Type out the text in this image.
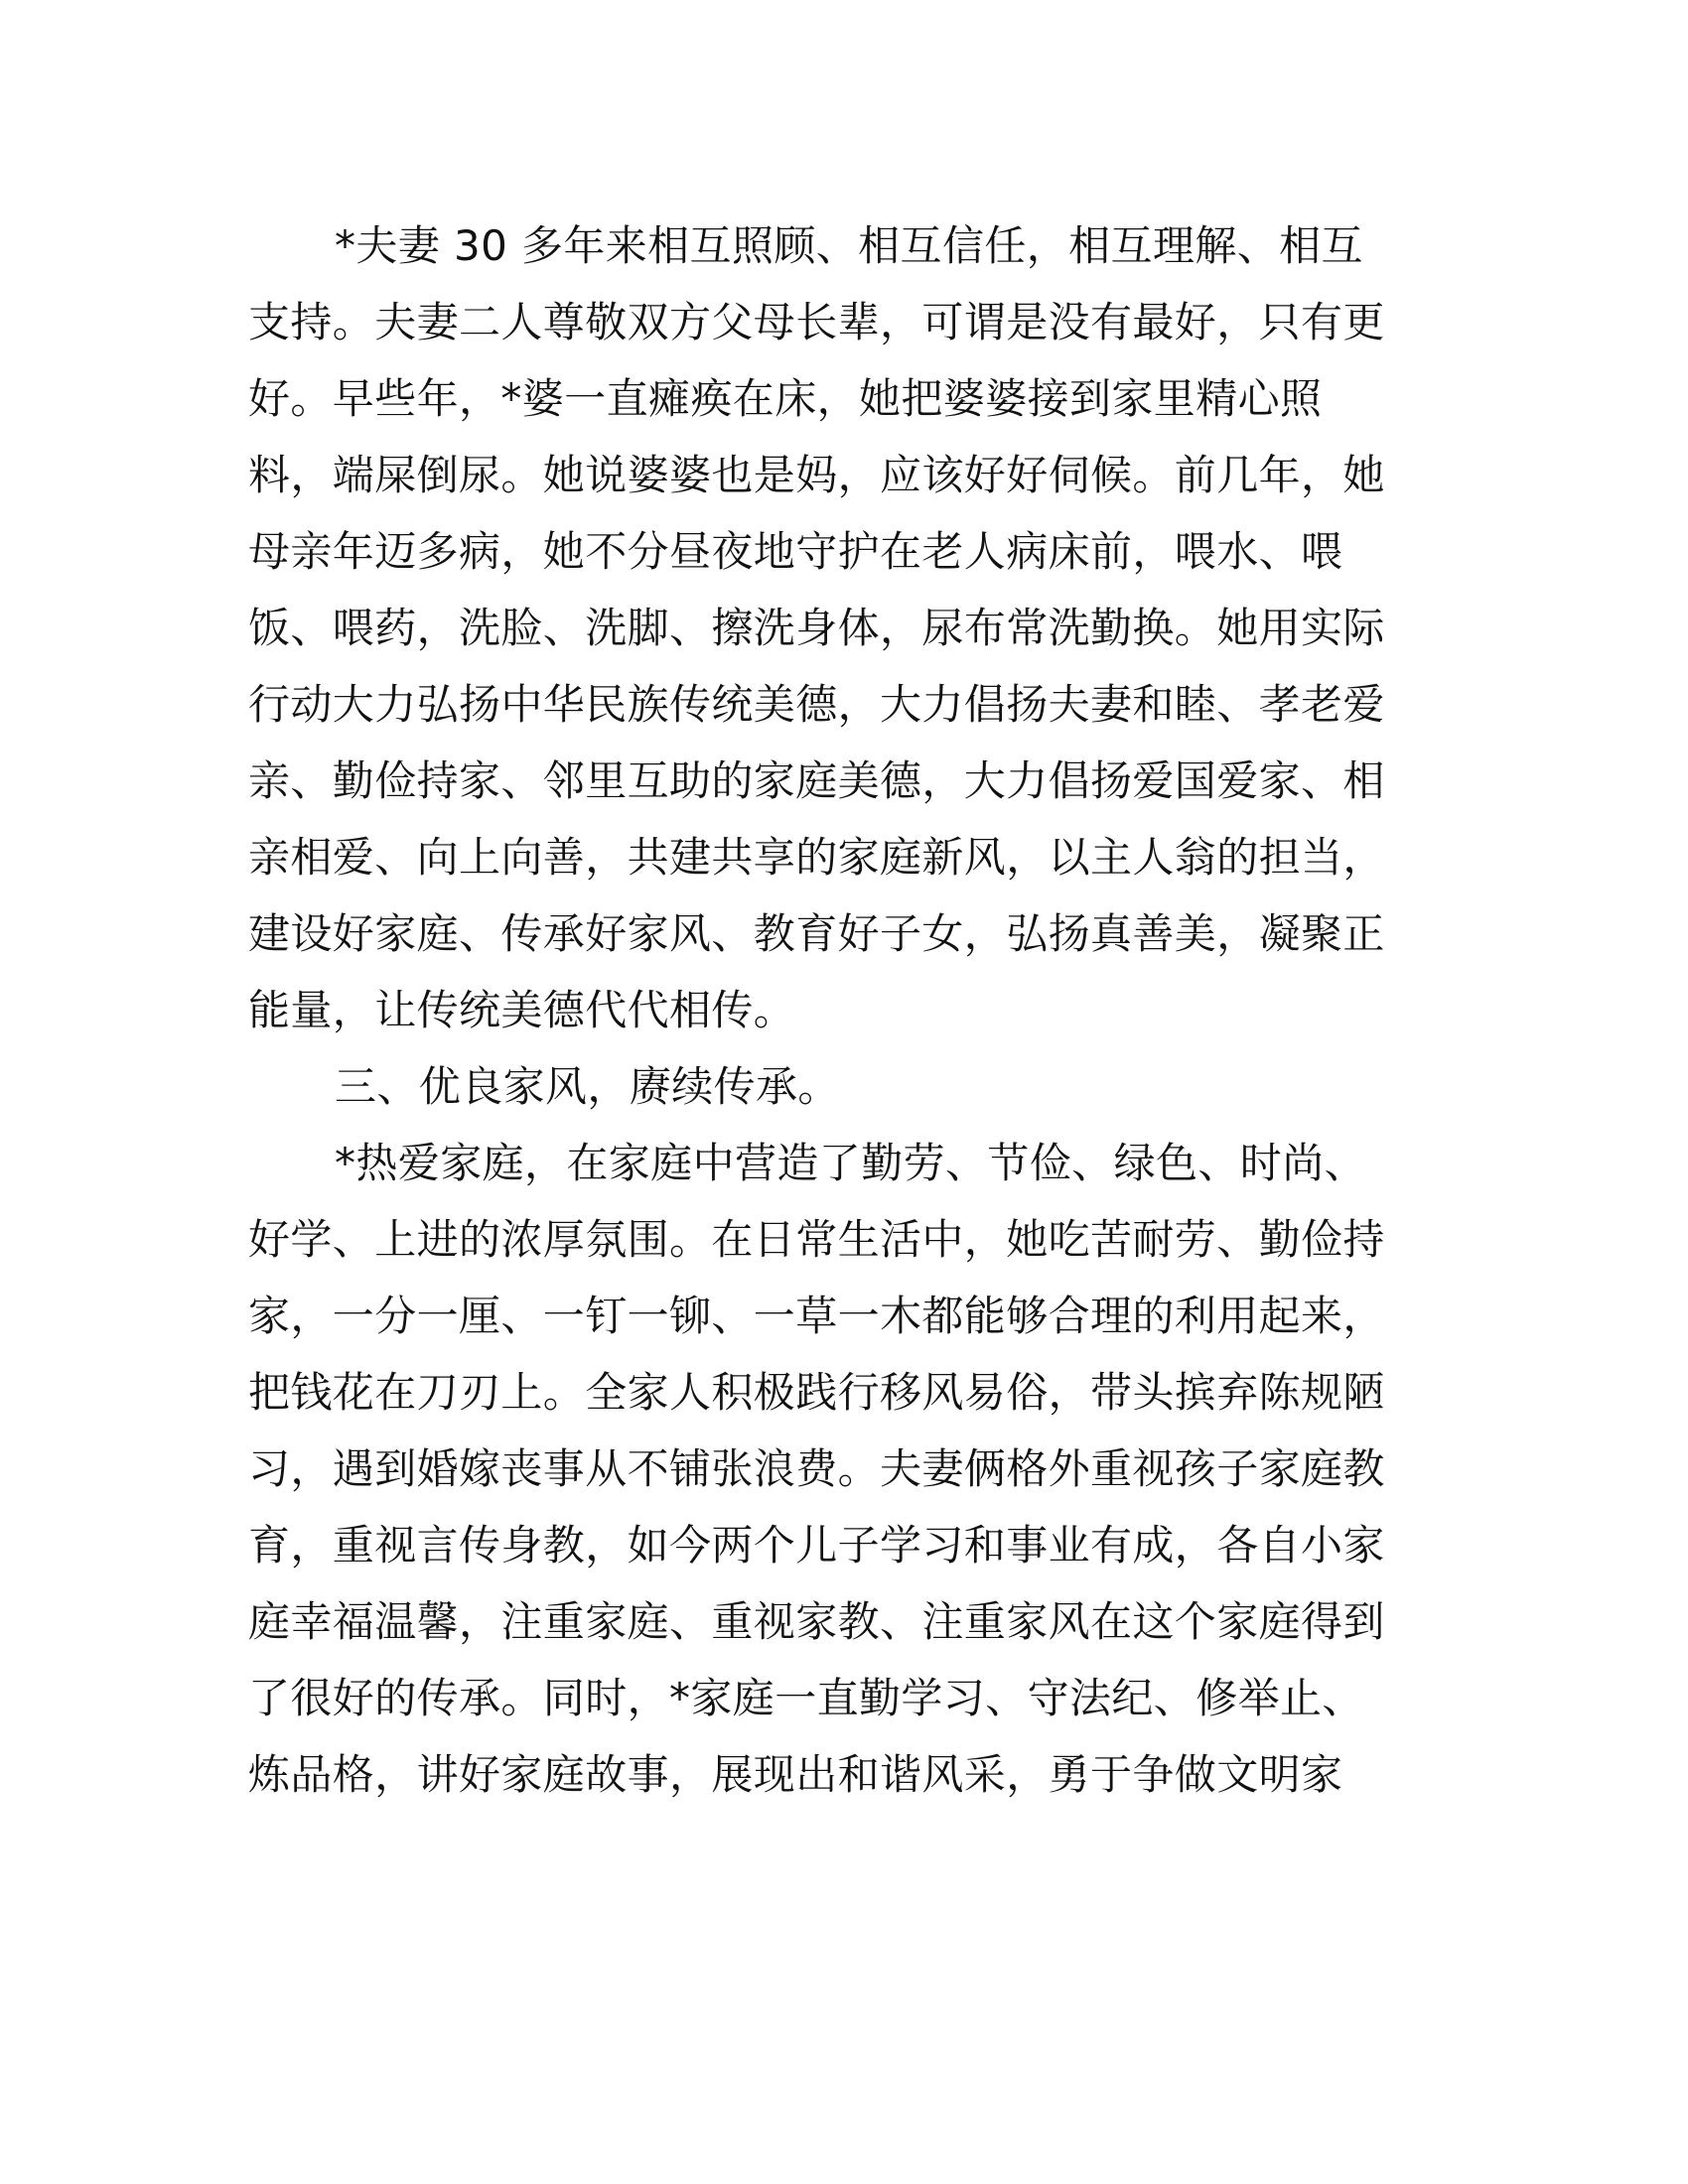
*夫妻 30 多年来相互照顾、相互信任，相互理解、相互
支持。夫妻二人尊敬双方父母长辈，可谓是没有最好，只有更
好。早些年，*婆一直瘫痪在床，她把婆婆接到家里精心照
料，端屎倒尿。她说婆婆也是妈，应该好好伺候。前几年，她
母亲年迈多病，她不分昼夜地守护在老人病床前，喂水、喂
饭、喂药，洗脸、洗脚、擦洗身体，尿布常洗勤换。她用实际
行动大力弘扬中华民族传统美德，大力倡扬夫妻和睦、孝老爱
亲、勤俭持家、邻里互助的家庭美德，大力倡扬爱国爱家、相
亲相爱、向上向善，共建共享的家庭新风，以主人翁的担当，
建设好家庭、传承好家风、教育好子女，弘扬真善美，凝聚正
能量，让传统美德代代相传。
三、优良家风，赓续传承。
*热爱家庭，在家庭中营造了勤劳、节俭、绿色、时尚、
好学、上进的浓厚氛围。在日常生活中，她吃苦耐劳、勤俭持
家，一分一厘、一钉一铆、一草一木都能够合理的利用起来，
把钱花在刀刃上。全家人积极践行移风易俗，带头摈弃陈规陋
习，遇到婚嫁丧事从不铺张浪费。夫妻俩格外重视孩子家庭教
育，重视言传身教，如今两个儿子学习和事业有成，各自小家
庭幸福温馨，注重家庭、重视家教、注重家风在这个家庭得到
了很好的传承。同时，*家庭一直勤学习、守法纪、修举止、
炼品格，讲好家庭故事，展现出和谐风采，勇于争做文明家
